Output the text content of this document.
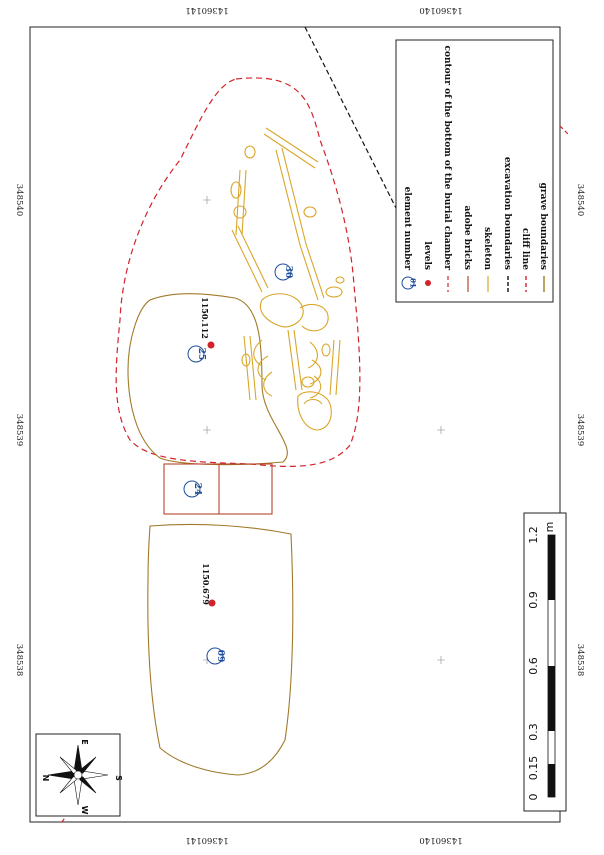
14360141	14360140
14360141	14360140
348540
348539
348538
348540
348539
348538
25
30
24
09
1150.112
1150.679
01
element number levels contour of the bottom of the burial chamber adobe bricks skeleton excavation boundaries cliff line grave boundaries
0
0.15
0.3
0.6
0.9
1.2 m
E
W
N	S
